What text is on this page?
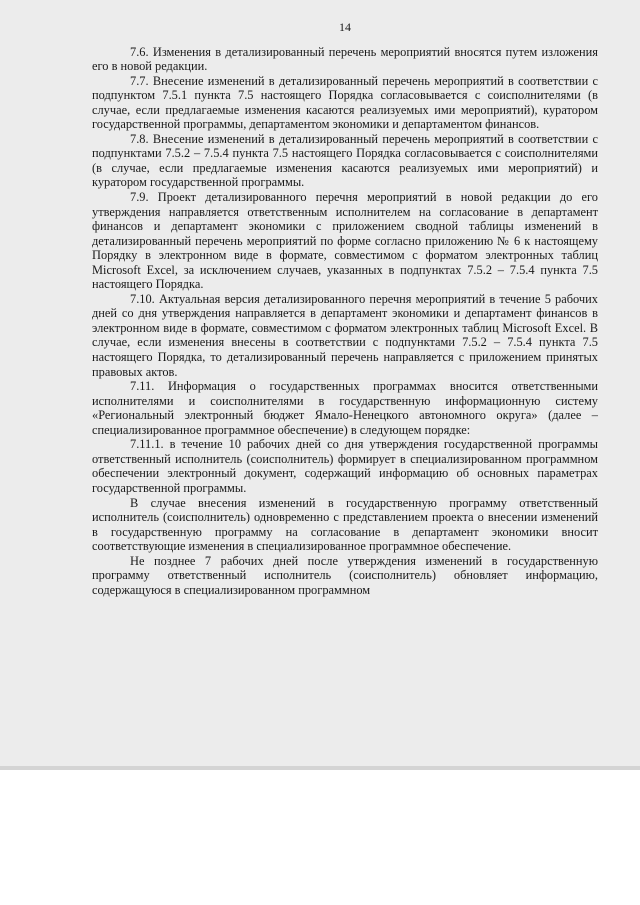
14

7.6. Изменения в детализированный перечень мероприятий вносятся путем изложения его в новой редакции.

7.7. Внесение изменений в детализированный перечень мероприятий в соответствии с подпунктом 7.5.1 пункта 7.5 настоящего Порядка согласовывается с соисполнителями (в случае, если предлагаемые изменения касаются реализуемых ими мероприятий), куратором государственной программы, департаментом экономики и департаментом финансов.

7.8. Внесение изменений в детализированный перечень мероприятий в соответствии с подпунктами 7.5.2 – 7.5.4 пункта 7.5 настоящего Порядка согласовывается с соисполнителями (в случае, если предлагаемые изменения касаются реализуемых ими мероприятий) и куратором государственной программы.

7.9. Проект детализированного перечня мероприятий в новой редакции до его утверждения направляется ответственным исполнителем на согласование в департамент финансов и департамент экономики с приложением сводной таблицы изменений в детализированный перечень мероприятий по форме согласно приложению № 6 к настоящему Порядку в электронном виде в формате, совместимом с форматом электронных таблиц Microsoft Excel, за исключением случаев, указанных в подпунктах 7.5.2 – 7.5.4 пункта 7.5 настоящего Порядка.

7.10. Актуальная версия детализированного перечня мероприятий в течение 5 рабочих дней со дня утверждения направляется в департамент экономики и департамент финансов в электронном виде в формате, совместимом с форматом электронных таблиц Microsoft Excel. В случае, если изменения внесены в соответствии с подпунктами 7.5.2 – 7.5.4 пункта 7.5 настоящего Порядка, то детализированный перечень направляется с приложением принятых правовых актов.

7.11. Информация о государственных программах вносится ответственными исполнителями и соисполнителями в государственную информационную систему «Региональный электронный бюджет Ямало-Ненецкого автономного округа» (далее – специализированное программное обеспечение) в следующем порядке:

7.11.1. в течение 10 рабочих дней со дня утверждения государственной программы ответственный исполнитель (соисполнитель) формирует в специализированном программном обеспечении электронный документ, содержащий информацию об основных параметрах государственной программы.

В случае внесения изменений в государственную программу ответственный исполнитель (соисполнитель) одновременно с представлением проекта о внесении изменений в государственную программу на согласование в департамент экономики вносит соответствующие изменения в специализированное программное обеспечение.

Не позднее 7 рабочих дней после утверждения изменений в государственную программу ответственный исполнитель (соисполнитель) обновляет информацию, содержащуюся в специализированном программном
